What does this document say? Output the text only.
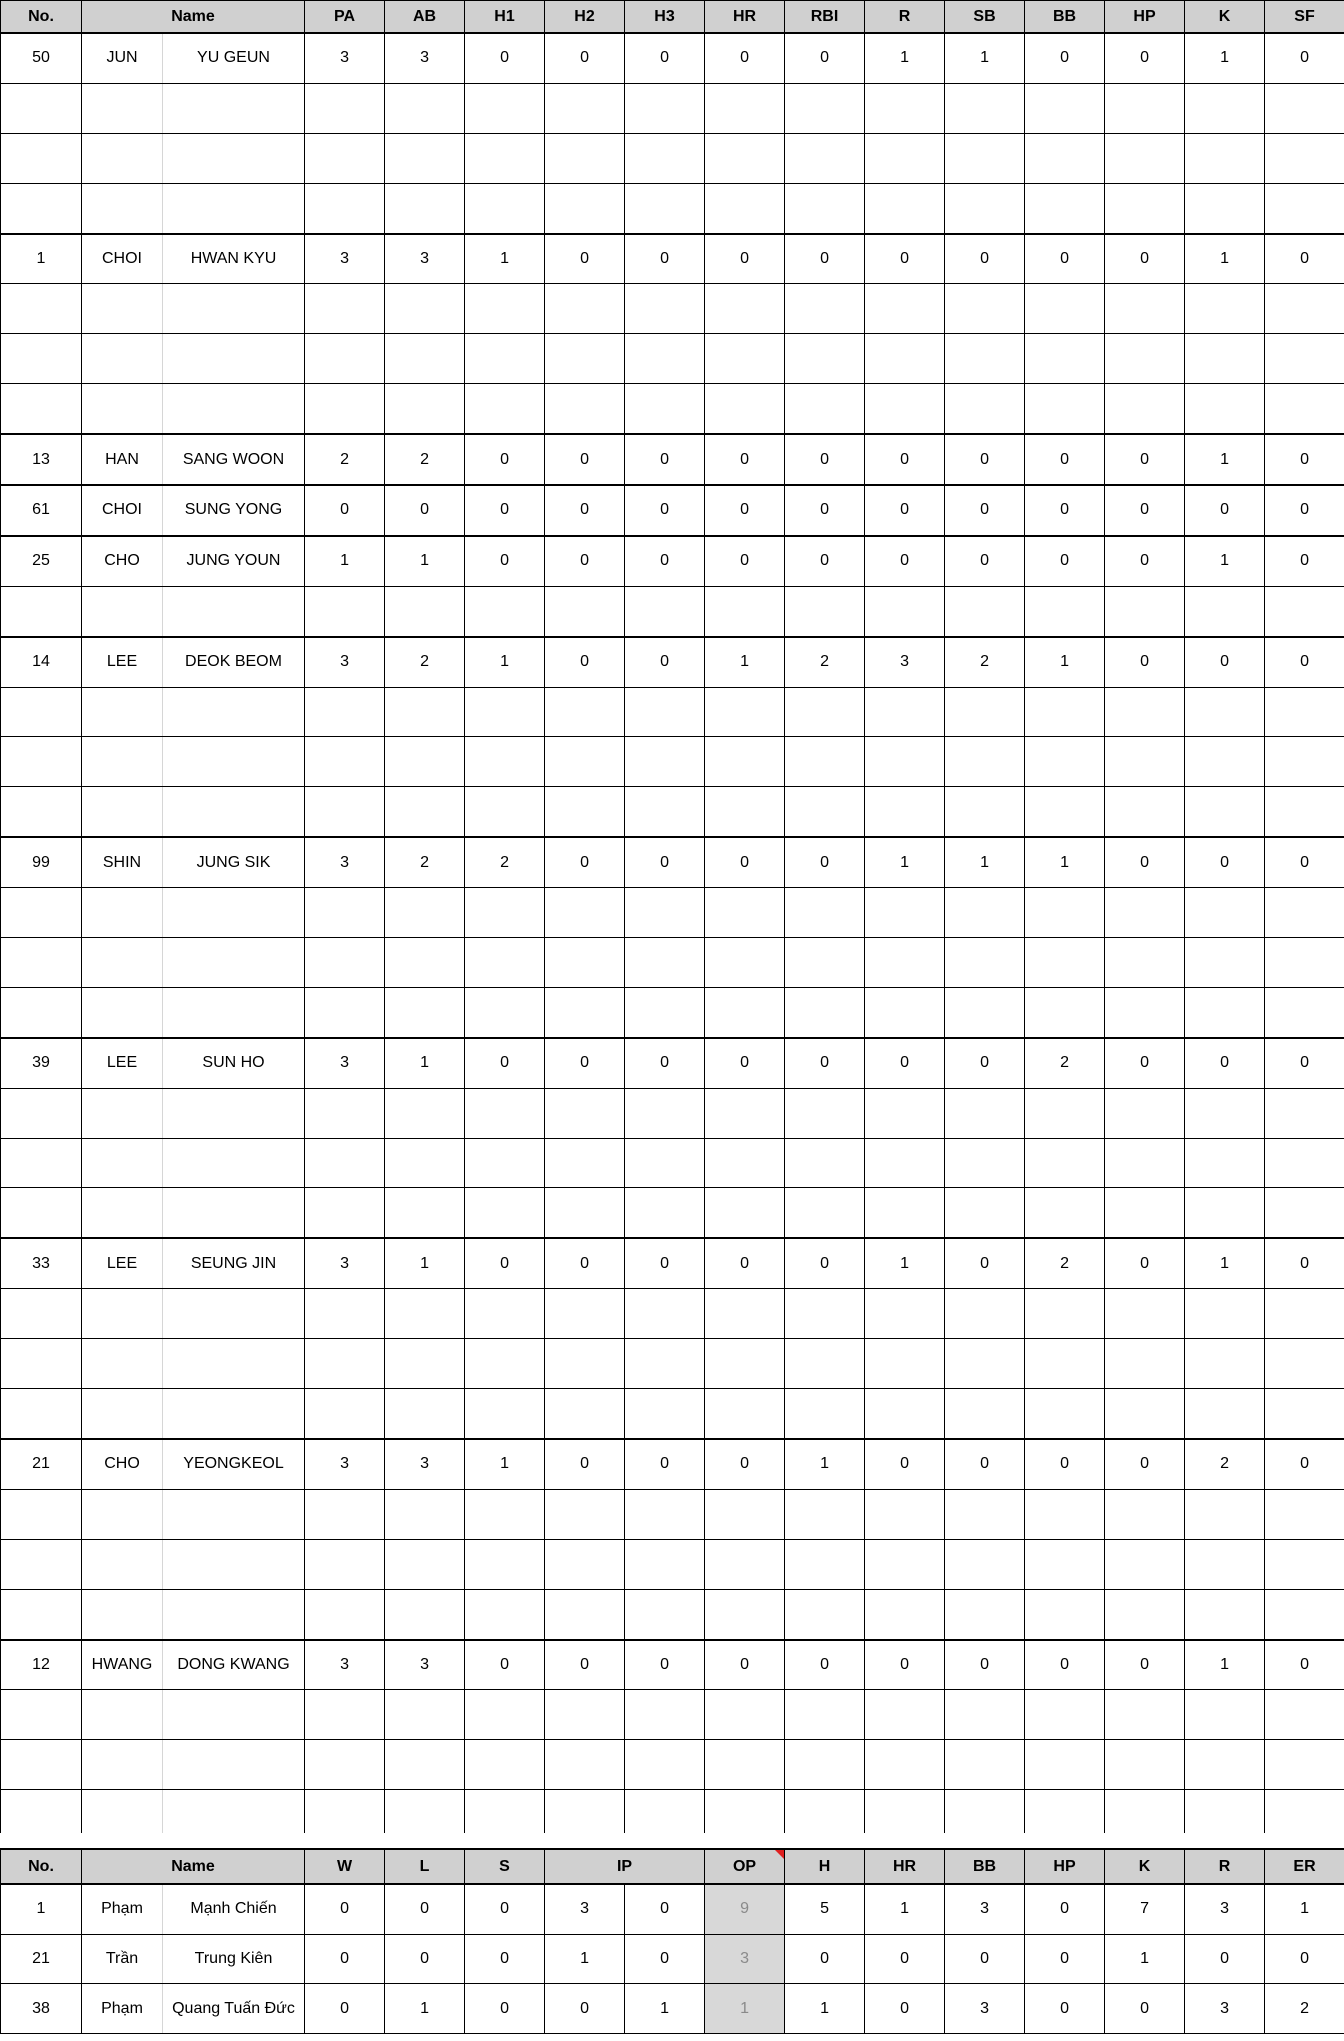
No.	Name		PA	AB	H1	H2	H3	HR	RBI	R	SB	BB	HP	K	SF
50	JUN	YU GEUN	3	3	0	0	0	0	0	1	1	0	0	1	0

1	CHOI	HWAN KYU	3	3	1	0	0	0	0	0	0	0	0	1	0

13	HAN	SANG WOON	2	2	0	0	0	0	0	0	0	0	0	1	0
61	CHOI	SUNG YONG	0	0	0	0	0	0	0	0	0	0	0	0	0
25	CHO	JUNG YOUN	1	1	0	0	0	0	0	0	0	0	0	1	0

14	LEE	DEOK BEOM	3	2	1	0	0	1	2	3	2	1	0	0	0

99	SHIN	JUNG SIK	3	2	2	0	0	0	0	1	1	1	0	0	0

39	LEE	SUN HO	3	1	0	0	0	0	0	0	0	2	0	0	0

33	LEE	SEUNG JIN	3	1	0	0	0	0	0	1	0	2	0	1	0

21	CHO	YEONGKEOL	3	3	1	0	0	0	1	0	0	0	0	2	0

12	HWANG	DONG KWANG	3	3	0	0	0	0	0	0	0	0	0	1	0

No.	Name		W	L	S	IP		OP	H	HR	BB	HP	K	R	ER
1	Phạm	Mạnh Chiến	0	0	0	3	0	9	5	1	3	0	7	3	1
21	Trần	Trung Kiên	0	0	0	1	0	3	0	0	0	0	1	0	0
38	Phạm	Quang Tuấn Đức	0	1	0	0	1	1	1	0	3	0	0	3	2
